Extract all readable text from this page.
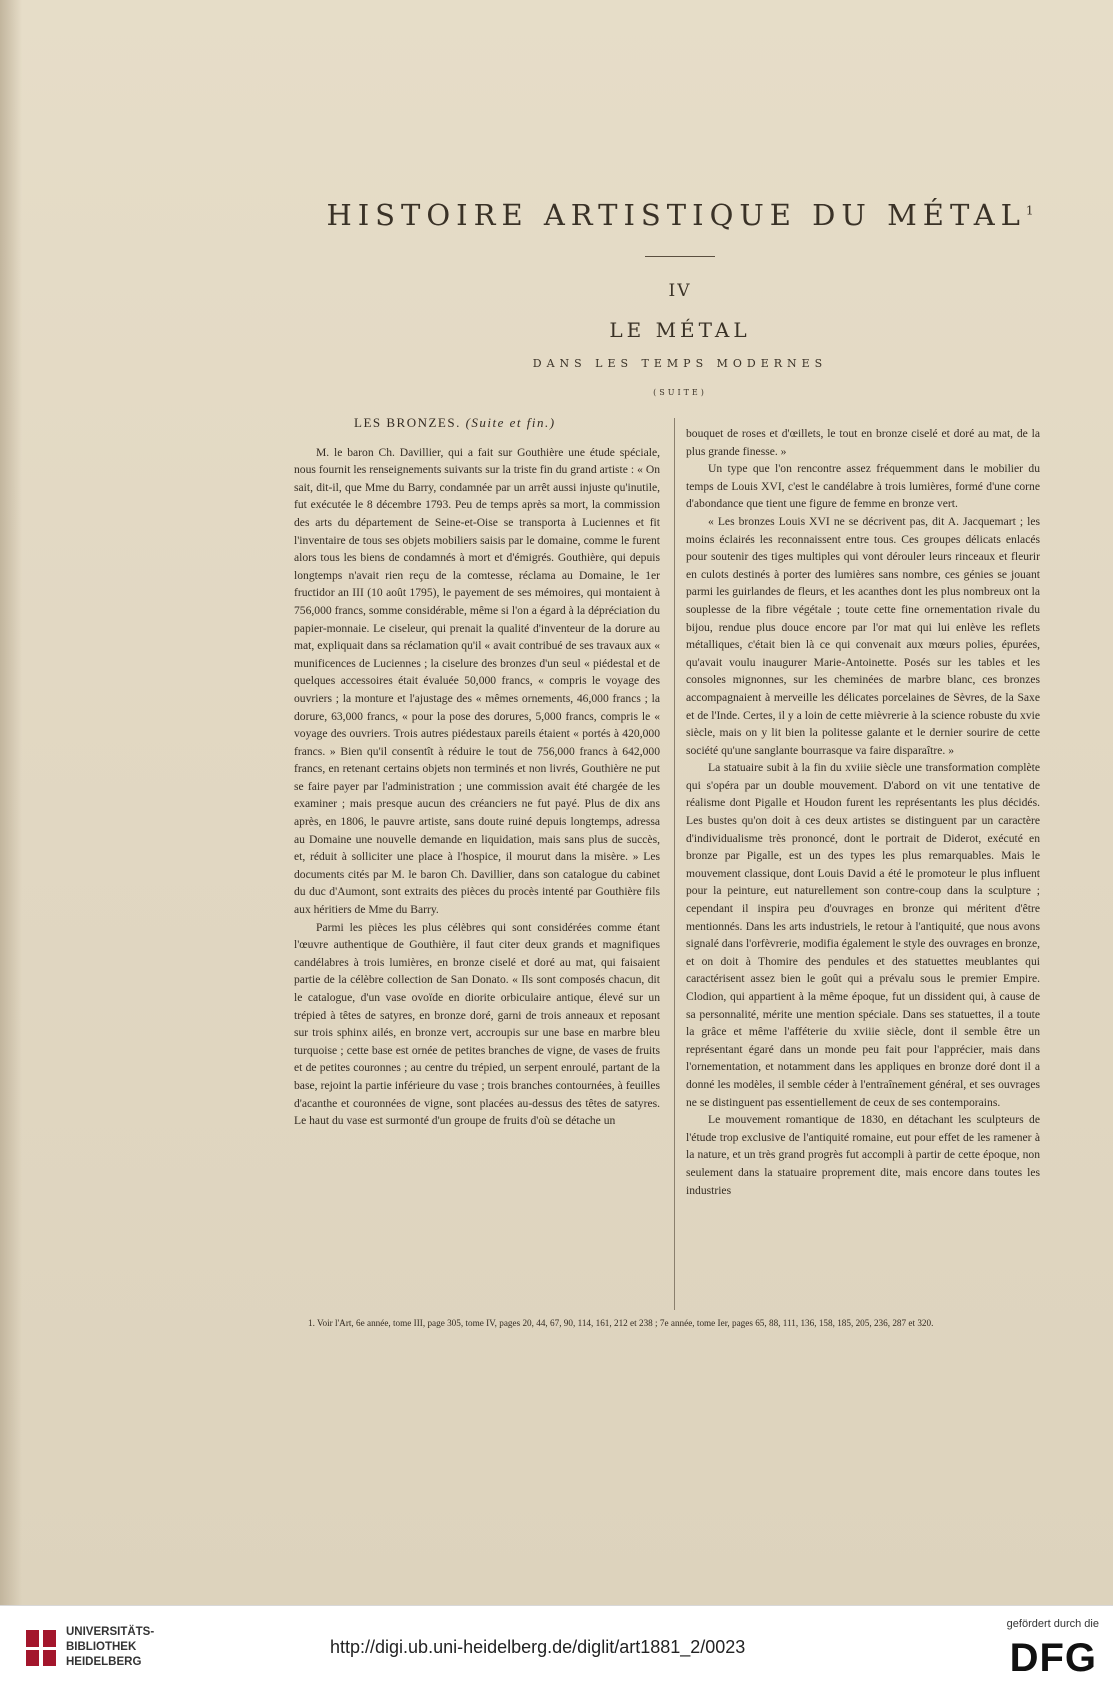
HISTOIRE ARTISTIQUE DU MÉTAL$^1$
IV
LE MÉTAL
DANS LES TEMPS MODERNES
(SUITE)

LES BRONZES. (Suite et fin.)

M. le baron Ch. Davillier, qui a fait sur Gouthière une étude spéciale, nous fournit les renseignements suivants sur la triste fin du grand artiste : « On sait, dit-il, que Mme du Barry, condamnée par un arrêt aussi injuste qu'inutile, fut exécutée le 8 décembre 1793. Peu de temps après sa mort, la commission des arts du département de Seine-et-Oise se transporta à Luciennes et fit l'inventaire de tous ses objets mobiliers saisis par le domaine, comme le furent alors tous les biens de condamnés à mort et d'émigrés. Gouthière, qui depuis longtemps n'avait rien reçu de la comtesse, réclama au Domaine, le 1er fructidor an III (10 août 1795), le payement de ses mémoires, qui montaient à 756,000 francs, somme considérable, même si l'on a égard à la dépréciation du papier-monnaie. Le ciseleur, qui prenait la qualité d'inventeur de la dorure au mat, expliquait dans sa réclamation qu'il « avait contribué de ses travaux aux « munificences de Luciennes ; la ciselure des bronzes d'un seul « piédestal et de quelques accessoires était évaluée 50,000 francs, « compris le voyage des ouvriers ; la monture et l'ajustage des « mêmes ornements, 46,000 francs ; la dorure, 63,000 francs, « pour la pose des dorures, 5,000 francs, compris le « voyage des ouvriers. Trois autres piédestaux pareils étaient « portés à 420,000 francs. » Bien qu'il consentît à réduire le tout de 756,000 francs à 642,000 francs, en retenant certains objets non terminés et non livrés, Gouthière ne put se faire payer par l'administration ; une commission avait été chargée de les examiner ; mais presque aucun des créanciers ne fut payé. Plus de dix ans après, en 1806, le pauvre artiste, sans doute ruiné depuis longtemps, adressa au Domaine une nouvelle demande en liquidation, mais sans plus de succès, et, réduit à solliciter une place à l'hospice, il mourut dans la misère. » Les documents cités par M. le baron Ch. Davillier, dans son catalogue du cabinet du duc d'Aumont, sont extraits des pièces du procès intenté par Gouthière fils aux héritiers de Mme du Barry.

Parmi les pièces les plus célèbres qui sont considérées comme étant l'œuvre authentique de Gouthière, il faut citer deux grands et magnifiques candélabres à trois lumières, en bronze ciselé et doré au mat, qui faisaient partie de la célèbre collection de San Donato. « Ils sont composés chacun, dit le catalogue, d'un vase ovoïde en diorite orbiculaire antique, élevé sur un trépied à têtes de satyres, en bronze doré, garni de trois anneaux et reposant sur trois sphinx ailés, en bronze vert, accroupis sur une base en marbre bleu turquoise ; cette base est ornée de petites branches de vigne, de vases de fruits et de petites couronnes ; au centre du trépied, un serpent enroulé, partant de la base, rejoint la partie inférieure du vase ; trois branches contournées, à feuilles d'acanthe et couronnées de vigne, sont placées au-dessus des têtes de satyres. Le haut du vase est surmonté d'un groupe de fruits d'où se détache un

bouquet de roses et d'œillets, le tout en bronze ciselé et doré au mat, de la plus grande finesse. »

Un type que l'on rencontre assez fréquemment dans le mobilier du temps de Louis XVI, c'est le candélabre à trois lumières, formé d'une corne d'abondance que tient une figure de femme en bronze vert.

« Les bronzes Louis XVI ne se décrivent pas, dit A. Jacquemart ; les moins éclairés les reconnaissent entre tous. Ces groupes délicats enlacés pour soutenir des tiges multiples qui vont dérouler leurs rinceaux et fleurir en culots destinés à porter des lumières sans nombre, ces génies se jouant parmi les guirlandes de fleurs, et les acanthes dont les plus nombreux ont la souplesse de la fibre végétale ; toute cette fine ornementation rivale du bijou, rendue plus douce encore par l'or mat qui lui enlève les reflets métalliques, c'était bien là ce qui convenait aux mœurs polies, épurées, qu'avait voulu inaugurer Marie-Antoinette. Posés sur les tables et les consoles mignonnes, sur les cheminées de marbre blanc, ces bronzes accompagnaient à merveille les délicates porcelaines de Sèvres, de la Saxe et de l'Inde. Certes, il y a loin de cette mièvrerie à la science robuste du xvie siècle, mais on y lit bien la politesse galante et le dernier sourire de cette société qu'une sanglante bourrasque va faire disparaître. »

La statuaire subit à la fin du xviiie siècle une transformation complète qui s'opéra par un double mouvement. D'abord on vit une tentative de réalisme dont Pigalle et Houdon furent les représentants les plus décidés. Les bustes qu'on doit à ces deux artistes se distinguent par un caractère d'individualisme très prononcé, dont le portrait de Diderot, exécuté en bronze par Pigalle, est un des types les plus remarquables. Mais le mouvement classique, dont Louis David a été le promoteur le plus influent pour la peinture, eut naturellement son contre-coup dans la sculpture ; cependant il inspira peu d'ouvrages en bronze qui méritent d'être mentionnés. Dans les arts industriels, le retour à l'antiquité, que nous avons signalé dans l'orfèvrerie, modifia également le style des ouvrages en bronze, et on doit à Thomire des pendules et des statuettes meublantes qui caractérisent assez bien le goût qui a prévalu sous le premier Empire. Clodion, qui appartient à la même époque, fut un dissident qui, à cause de sa personnalité, mérite une mention spéciale. Dans ses statuettes, il a toute la grâce et même l'afféterie du xviiie siècle, dont il semble être un représentant égaré dans un monde peu fait pour l'apprécier, mais dans l'ornementation, et notamment dans les appliques en bronze doré dont il a donné les modèles, il semble céder à l'entraînement général, et ses ouvrages ne se distinguent pas essentiellement de ceux de ses contemporains.

Le mouvement romantique de 1830, en détachant les sculpteurs de l'étude trop exclusive de l'antiquité romaine, eut pour effet de les ramener à la nature, et un très grand progrès fut accompli à partir de cette époque, non seulement dans la statuaire proprement dite, mais encore dans toutes les industries

1. Voir l'Art, 6e année, tome III, page 305, tome IV, pages 20, 44, 67, 90, 114, 161, 212 et 238 ; 7e année, tome Ier, pages 65, 88, 111, 136, 158, 185, 205, 236, 287 et 320.

UNIVERSITÄTS-
BIBLIOTHEK
HEIDELBERG
http://digi.ub.uni-heidelberg.de/diglit/art1881_2/0023
gefördert durch die
DFG
